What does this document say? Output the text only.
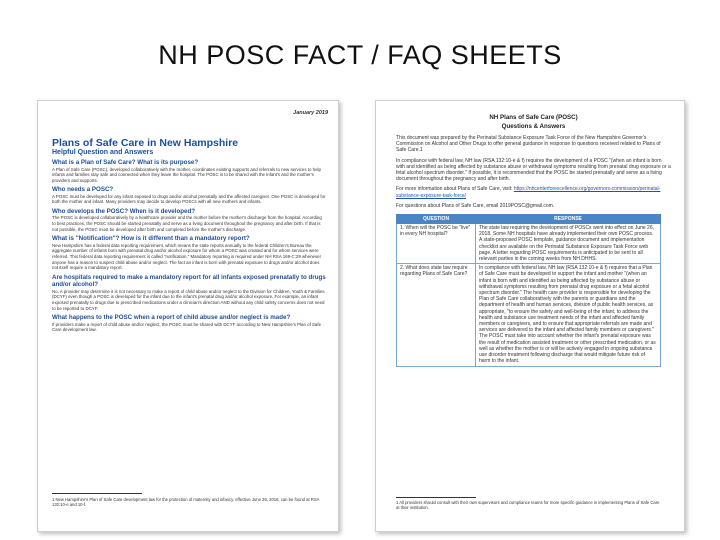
NH POSC FACT / FAQ SHEETS
January 2019
Plans of Safe Care in New Hampshire
Helpful Question and Answers
What is a Plan of Safe Care? What is its purpose?
A Plan of Safe Care (POSC), developed collaboratively with the mother, coordinates existing supports and referrals to new services to help infants and families stay safe and connected when they leave the hospital. The POSC is to be shared with the infant's and the mother's providers and supports.
Who needs a POSC?
A POSC must be developed for any infant exposed to drugs and/or alcohol prenatally and the affected caregiver. One POSC is developed for both the mother and infant. Many providers may decide to develop POSCs with all new mothers and infants.
Who develops the POSC? When is it developed?
The POSC is developed collaboratively by a healthcare provider and the mother before the mother's discharge from the hospital. According to best practices, the POSC should be started prenatally and serve as a living document throughout the pregnancy and after birth. If that is not possible, the POSC must be developed after birth and completed before the mother's discharge.
What is "Notification"? How is it different than a mandatory report?
New Hampshire has a federal data reporting requirement, which means the state reports annually to the federal Children's Bureau the aggregate number of infants born with prenatal drug and/or alcohol exposure for whom a POSC was created and for whom services were referred. This federal data reporting requirement is called "notification." Mandatory reporting is required under NH RSA 169-C:29 whenever anyone has a reason to suspect child abuse and/or neglect. The fact an infant is born with prenatal exposure to drugs and/or alcohol does not itself require a mandatory report.
Are hospitals required to make a mandatory report for all infants exposed prenatally to drugs and/or alcohol?
No. A provider may determine it is not necessary to make a report of child abuse and/or neglect to the Division for Children, Youth & Families (DCYF) even though a POSC is developed for the infant due to the infant's prenatal drug and/or alcohol exposure. For example, an infant exposed prenatally to drugs due to prescribed medications under a clinician's direction AND without any child safety concerns does not need to be reported to DCYF.
What happens to the POSC when a report of child abuse and/or neglect is made?
If providers make a report of child abuse and/or neglect, the POSC must be shared with DCYF according to New Hampshire's Plan of Safe Care development law.
1 New Hampshire's Plan of Safe Care development law for the protection of maternity and infancy, effective June 26, 2018, can be found at RSA 132:10-e and 10-f.
NH Plans of Safe Care (POSC)
Questions & Answers
This document was prepared by the Perinatal Substance Exposure Task Force of the New Hampshire Governor's Commission on Alcohol and Other Drugs to offer general guidance in response to questions received related to Plans of Safe Care.1
In compliance with federal law, NH law (RSA 132:10-e & f) requires the development of a POSC "(when an infant is born with and identified as being affected by substance abuse or withdrawal symptoms resulting from prenatal drug exposure or a fetal alcohol spectrum disorder." If possible, it is recommended that the POSC be started prenatally and serve as a living document throughout the pregnancy and after birth.
For more information about Plans of Safe Care, visit: https://nhcenterforexcellence.org/governors-commission/perinatal-substance-exposure-task-force/
For questions about Plans of Safe Care, email 2019POSC@gmail.com.
QUESTION	RESPONSE
1. When will the POSC be "live" in every NH hospital?	The state law requiring the development of POSCs went into effect on June 26, 2018. Some NH hospitals have already implemented their own POSC process. A state-proposed POSC template, guidance document and implementation checklist are available on the Perinatal Substance Exposure Task Force web page. A letter regarding POSC requirements is anticipated to be sent to all relevant parties in the coming weeks from NH DHHS.
2. What does state law require regarding Plans of Safe Care?	In compliance with federal law, NH law (RSA 132:10-e & f) requires that a Plan of Safe Care must be developed to support the infant and mother "(when an infant is born with and identified as being affected by substance abuse or withdrawal symptoms resulting from prenatal drug exposure or a fetal alcohol spectrum disorder." The health care provider is responsible for developing the Plan of Safe Care collaboratively with the parents or guardians and the department of health and human services, division of public health services, as appropriate, "to ensure the safety and well-being of the infant, to address the health and substance use treatment needs of the infant and affected family members or caregivers, and to ensure that appropriate referrals are made and services are delivered to the infant and affected family members or caregivers." The POSC must take into account whether the infant's prenatal exposure was the result of medication assisted treatment or other prescribed medication, or as well as whether the mother is or will be actively engaged in ongoing substance use disorder treatment following discharge that would mitigate future risk of harm to the infant.
1 All providers should consult with their own supervisors and compliance teams for more specific guidance in implementing Plans of Safe Care at their institution.
